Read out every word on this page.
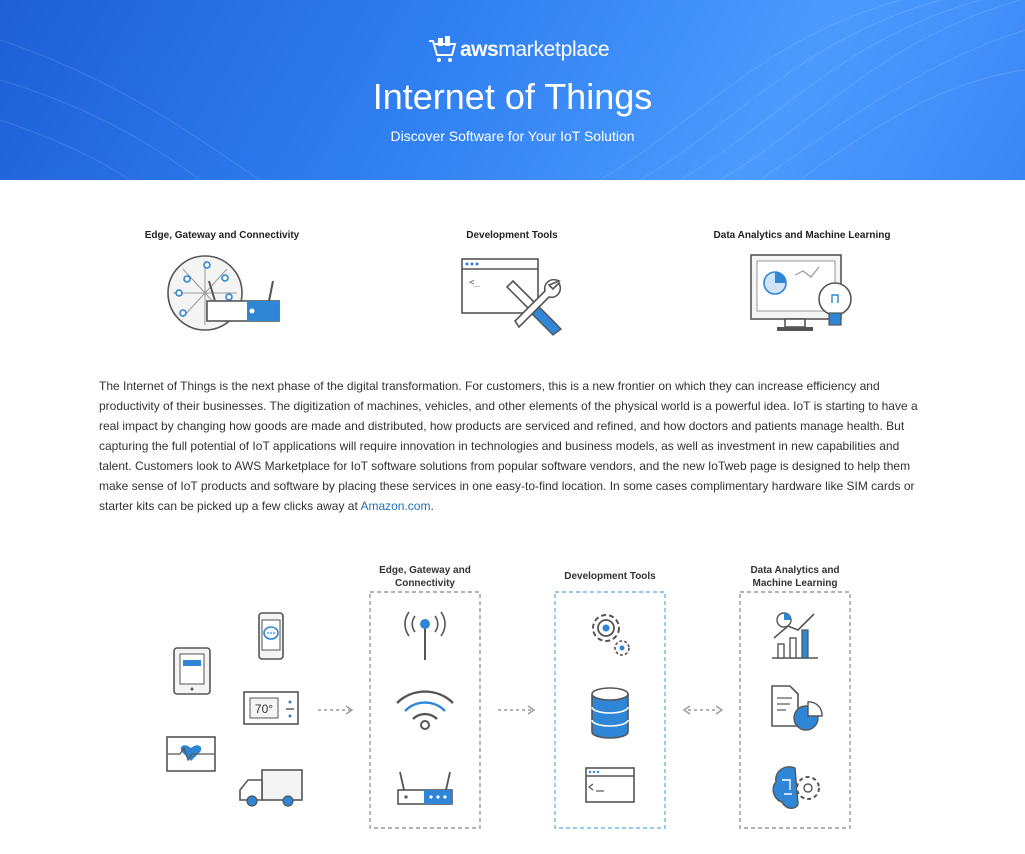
aws marketplace
Internet of Things
Discover Software for Your IoT Solution
Edge, Gateway and Connectivity	Development Tools
<_
Data Analytics and Machine Learning
The Internet of Things is the next phase of the digital transformation. For customers, this is a new frontier on which they can increase efficiency and productivity of their businesses. The digitization of machines, vehicles, and other elements of the physical world is a powerful idea. IoT is starting to have a real impact by changing how goods are made and distributed, how products are serviced and refined, and how doctors and patients manage health. But capturing the full potential of IoT applications will require innovation in technologies and business models, as well as investment in new capabilities and talent. Customers look to AWS Marketplace for IoT software solutions from popular software vendors, and the new IoTweb page is designed to help them make sense of IoT products and software by placing these services in one easy-to-find location. In some cases complimentary hardware like SIM cards or starter kits can be picked up a few clicks away at Amazon.com.
Edge, Gateway and
Connectivity
Development Tools
Data Analytics and
Machine Learning
70°
